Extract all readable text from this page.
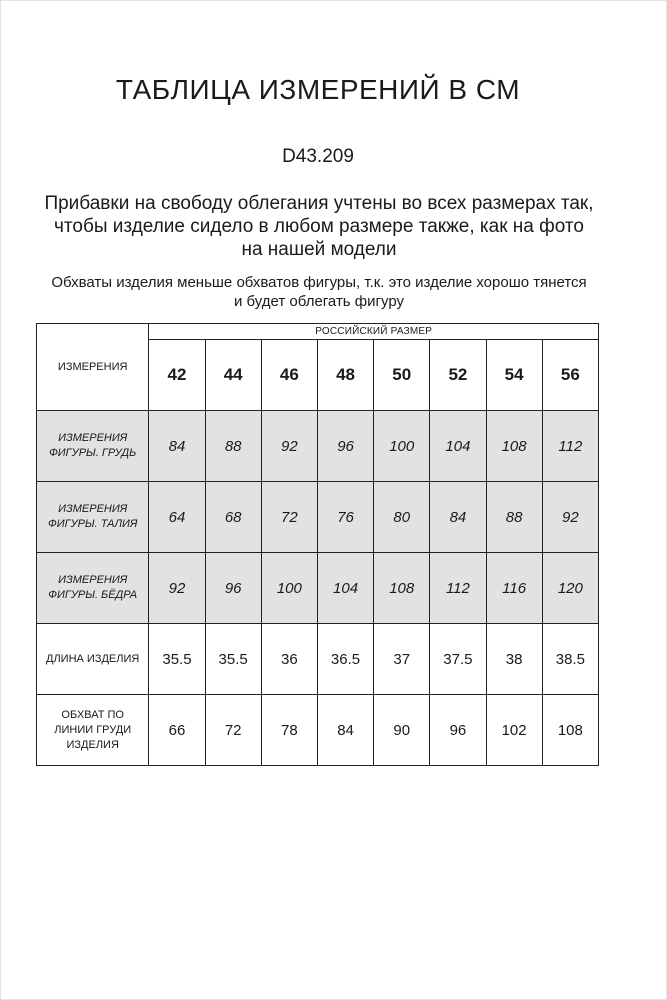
ТАБЛИЦА ИЗМЕРЕНИЙ В СМ
D43.209
Прибавки на свободу облегания учтены во всех размерах так,
чтобы изделие сидело в любом размере также, как на фото
на нашей модели
Обхваты изделия меньше обхватов фигуры, т.к. это изделие хорошо тянется
и будет облегать фигуру
ИЗМЕРЕНИЯ	РОССИЙСКИЙ РАЗМЕР							
	42	44	46	48	50	52	54	56

ИЗМЕРЕНИЯ
ФИГУРЫ. ГРУДЬ	84	88	92	96	100	104	108	112

ИЗМЕРЕНИЯ
ФИГУРЫ. ТАЛИЯ	64	68	72	76	80	84	88	92

ИЗМЕРЕНИЯ
ФИГУРЫ. БЁДРА	92	96	100	104	108	112	116	120

ДЛИНА ИЗДЕЛИЯ	35.5	35.5	36	36.5	37	37.5	38	38.5

ОБХВАТ ПО
ЛИНИИ ГРУДИ
ИЗДЕЛИЯ	66	72	78	84	90	96	102	108
